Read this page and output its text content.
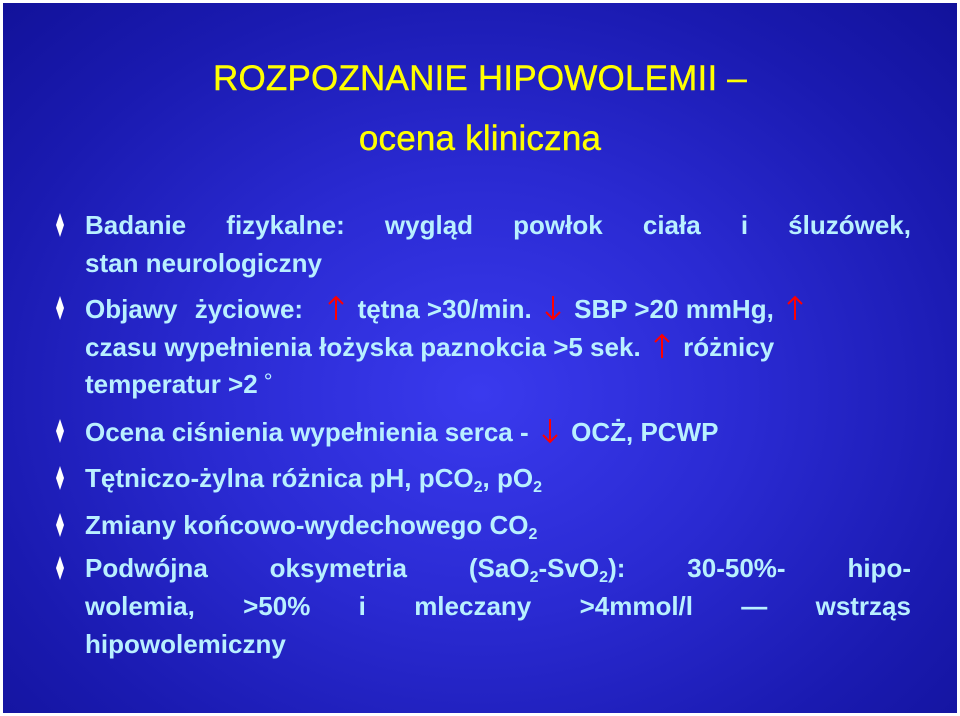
ROZPOZNANIE HIPOWOLEMII –
ocena kliniczna
Badanie fizykalne: wygląd powłok ciała i śluzówek,
stan neurologiczny
Objawy życiowe: tętna >30/min. SBP >20 mmHg,
czasu wypełnienia łożyska paznokcia >5 sek. różnicy
temperatur >2 °
Ocena ciśnienia wypełnienia serca - OCŻ, PCWP
Tętniczo-żylna różnica pH, pCO$_2$, $pO_2$
Zmiany końcowo-wydechowego $CO_2$
Podwójna oksymetria (SaO$_2$-SvO$_2$): 30-50%- hipo-
wolemia, >50% i mleczany >4mmol/l — wstrząs
hipowolemiczny
